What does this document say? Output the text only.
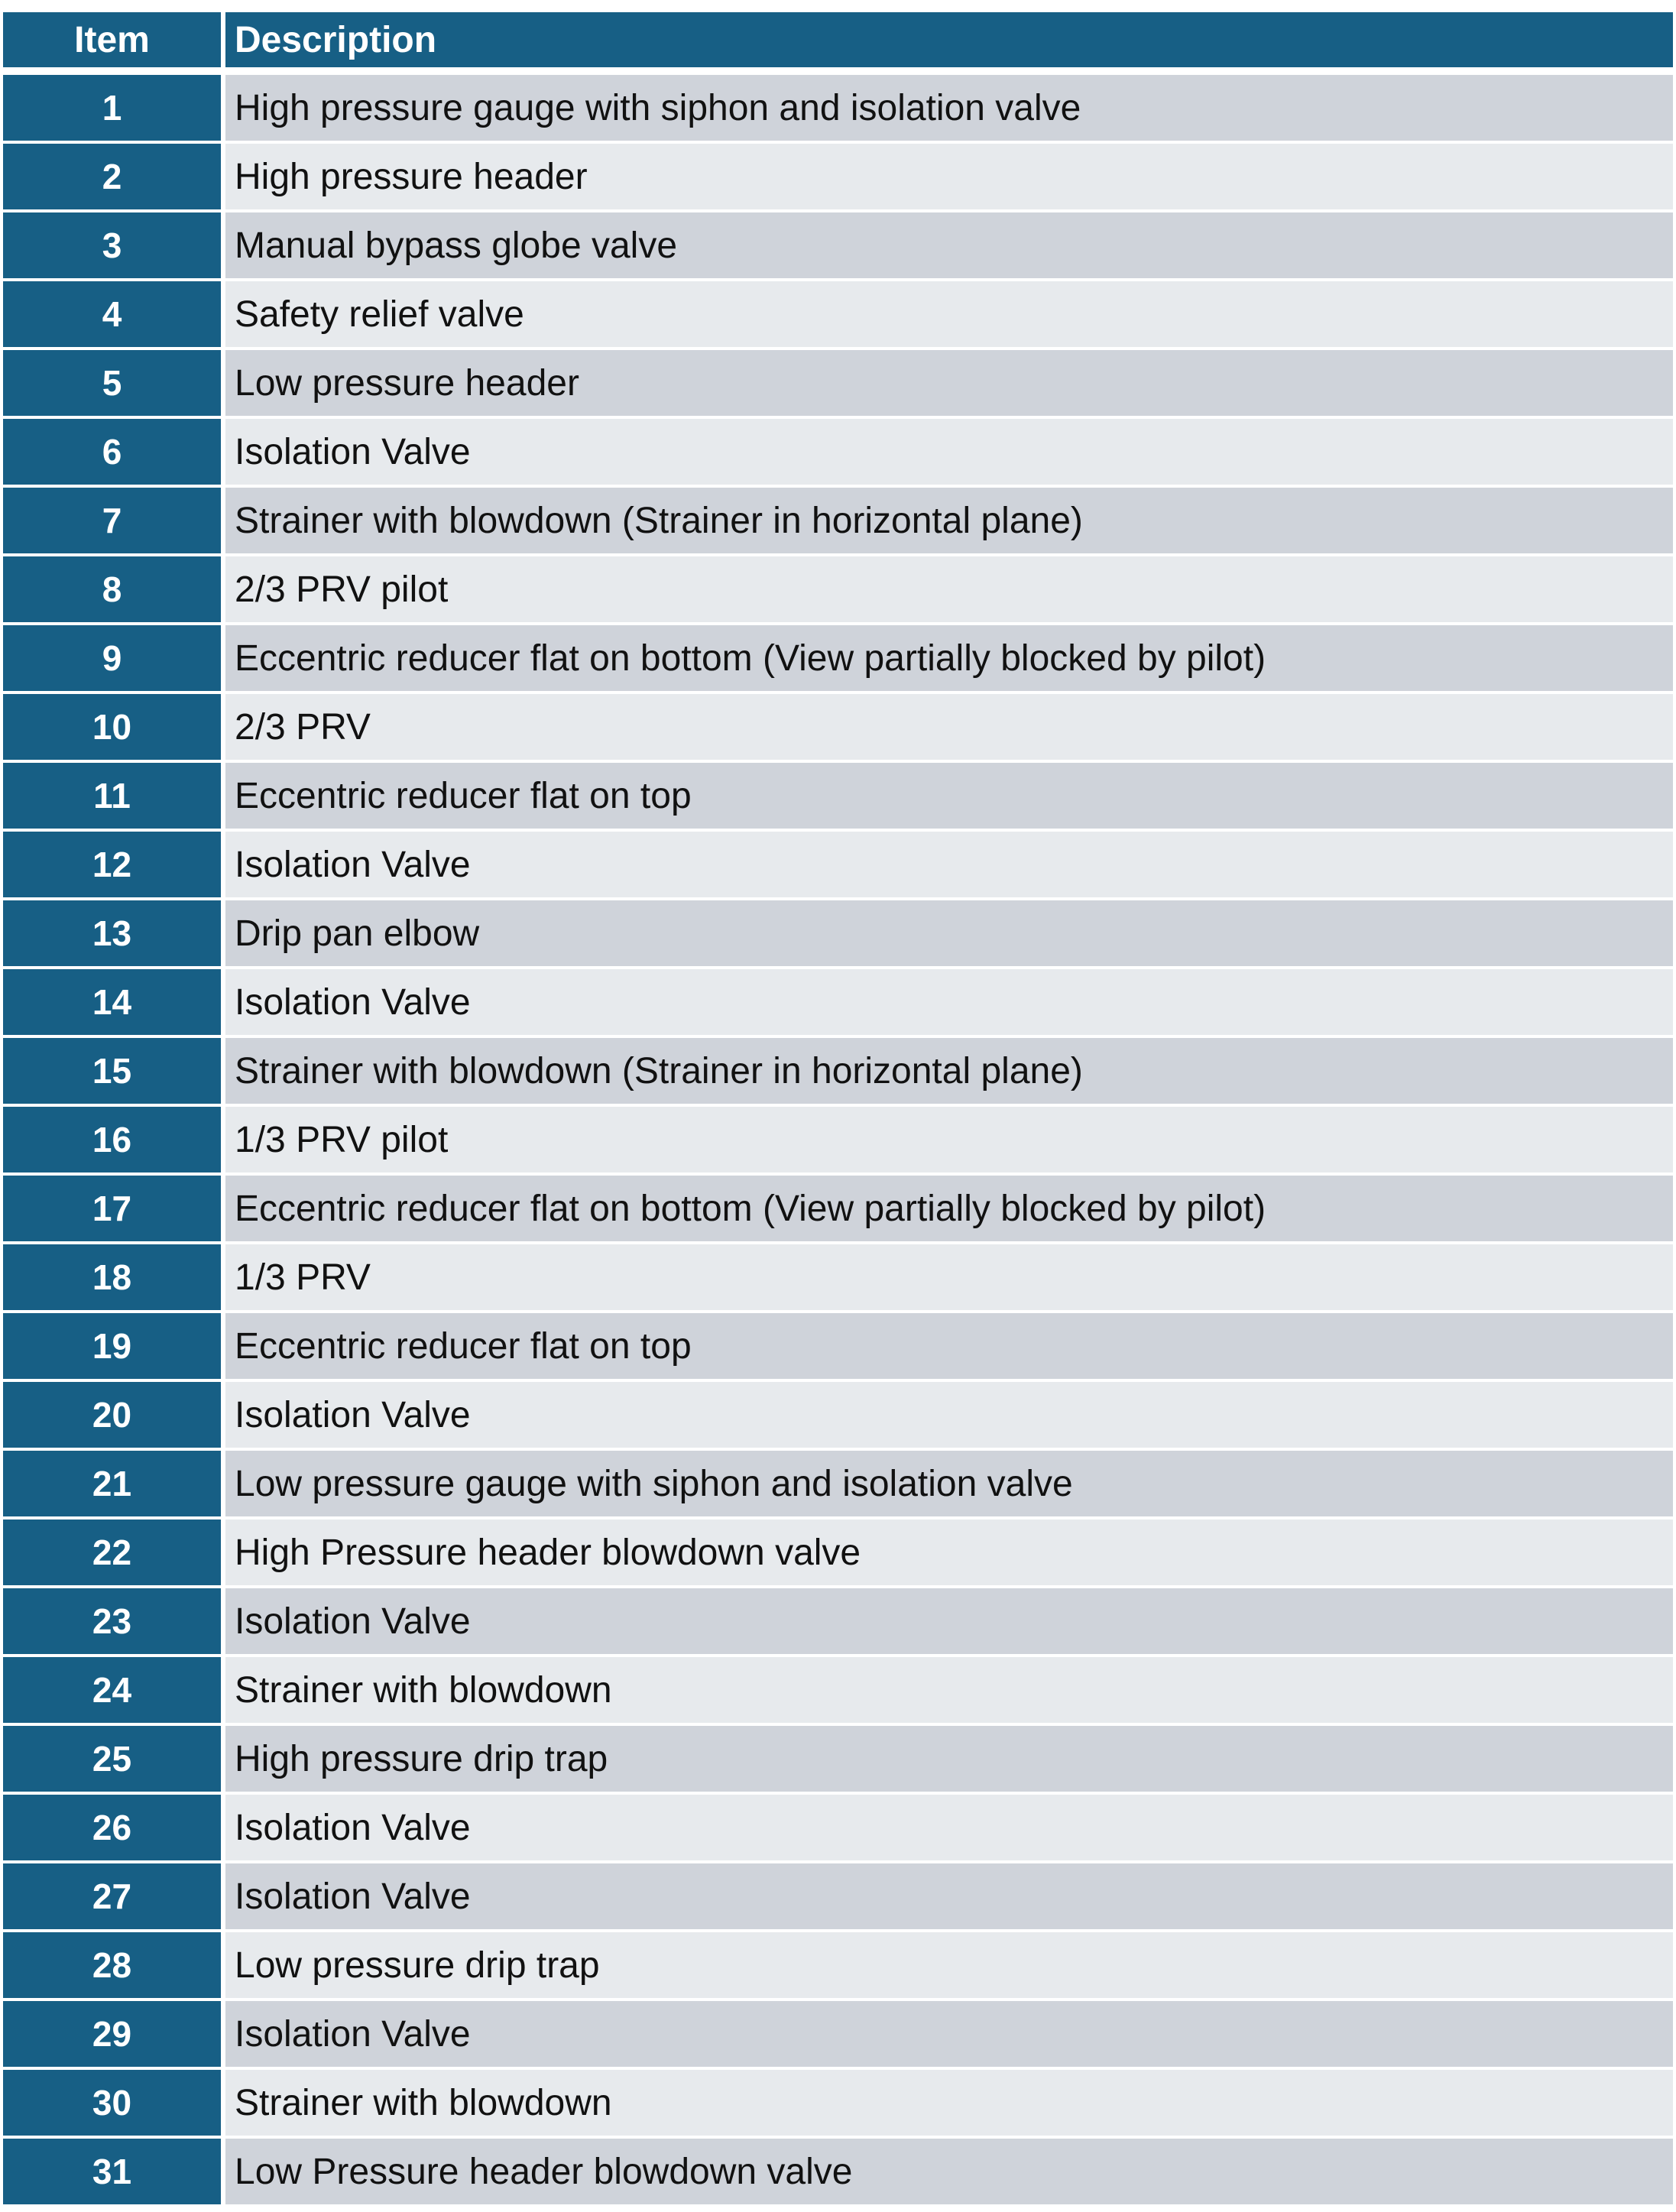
Item	Description
1	High pressure gauge with siphon and isolation valve
2	High pressure header
3	Manual bypass globe valve
4	Safety relief valve
5	Low pressure header
6	Isolation Valve
7	Strainer with blowdown (Strainer in horizontal plane)
8	2/3 PRV pilot
9	Eccentric reducer flat on bottom (View partially blocked by pilot)
10	2/3 PRV
11	Eccentric reducer flat on top
12	Isolation Valve
13	Drip pan elbow
14	Isolation Valve
15	Strainer with blowdown (Strainer in horizontal plane)
16	1/3 PRV pilot
17	Eccentric reducer flat on bottom (View partially blocked by pilot)
18	1/3 PRV
19	Eccentric reducer flat on top
20	Isolation Valve
21	Low pressure gauge with siphon and isolation valve
22	High Pressure header blowdown valve
23	Isolation Valve
24	Strainer with blowdown
25	High pressure drip trap
26	Isolation Valve
27	Isolation Valve
28	Low pressure drip trap
29	Isolation Valve
30	Strainer with blowdown
31	Low Pressure header blowdown valve
